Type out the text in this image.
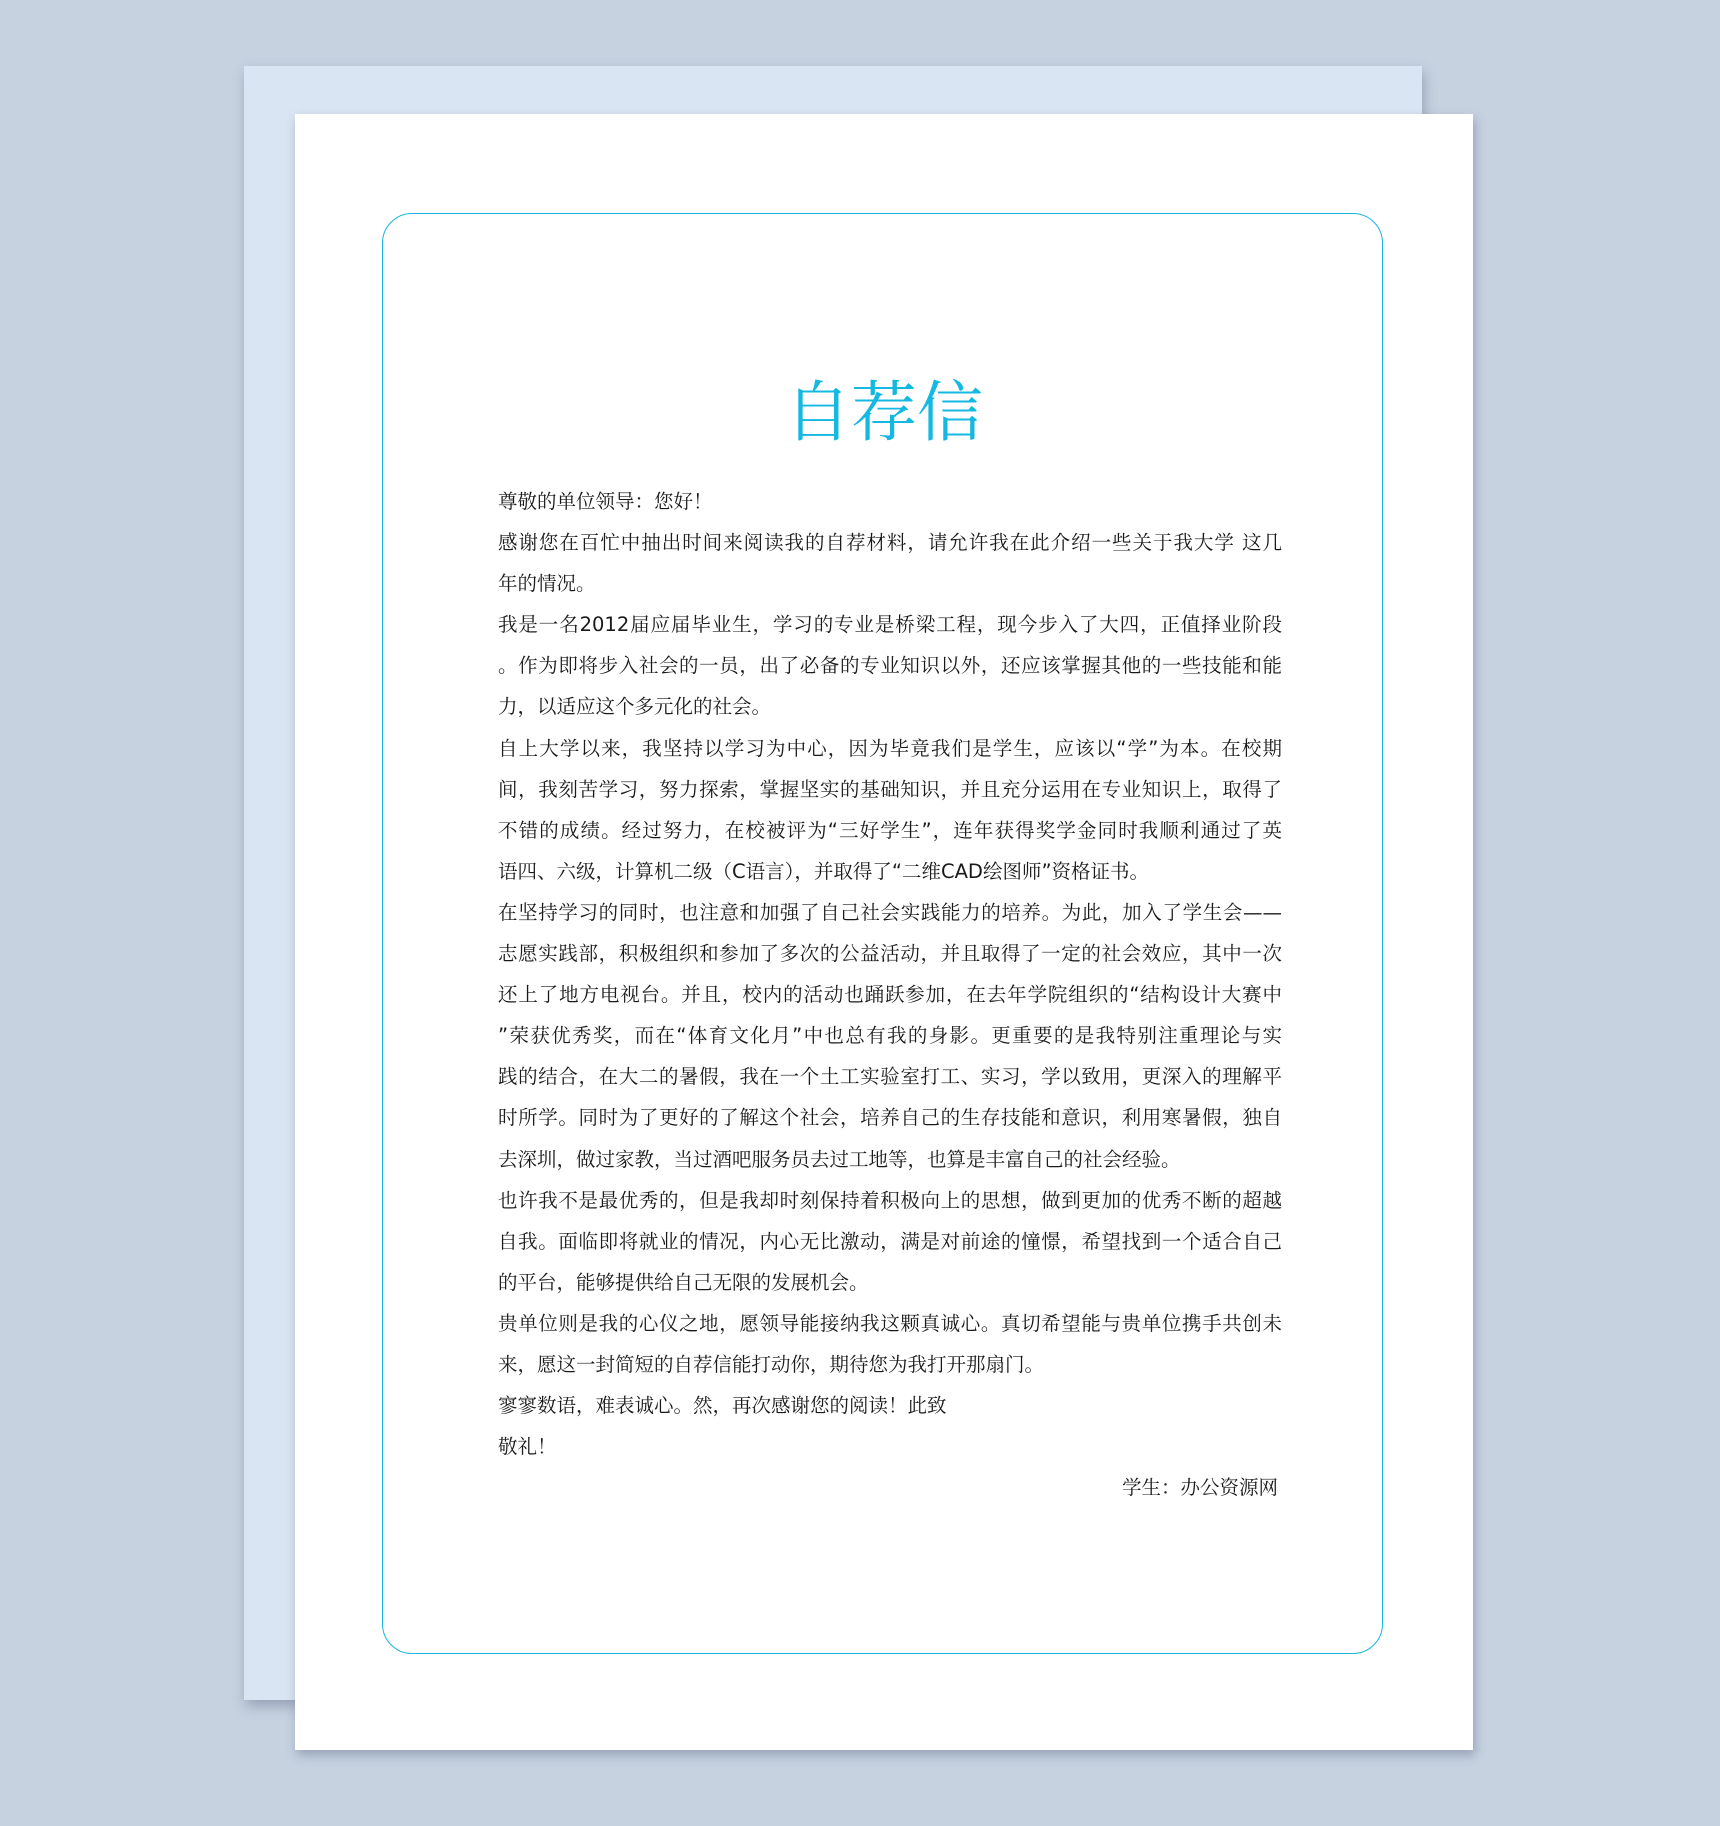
自荐信
尊敬的单位领导：您好！
感谢您在百忙中抽出时间来阅读我的自荐材料，请允许我在此介绍一些关于我大学 这几
年的情况。
我是一名2012届应届毕业生，学习的专业是桥梁工程，现今步入了大四，正值择业阶段
。作为即将步入社会的一员，出了必备的专业知识以外，还应该掌握其他的一些技能和能
力，以适应这个多元化的社会。
自上大学以来，我坚持以学习为中心，因为毕竟我们是学生，应该以“学”为本。在校期
间，我刻苦学习，努力探索，掌握坚实的基础知识，并且充分运用在专业知识上，取得了
不错的成绩。经过努力，在校被评为“三好学生”，连年获得奖学金同时我顺利通过了英
语四、六级，计算机二级（C语言），并取得了“二维CAD绘图师”资格证书。
在坚持学习的同时，也注意和加强了自己社会实践能力的培养。为此，加入了学生会——
志愿实践部，积极组织和参加了多次的公益活动，并且取得了一定的社会效应，其中一次
还上了地方电视台。并且，校内的活动也踊跃参加，在去年学院组织的“结构设计大赛中
”荣获优秀奖，而在“体育文化月”中也总有我的身影。更重要的是我特别注重理论与实
践的结合，在大二的暑假，我在一个土工实验室打工、实习，学以致用，更深入的理解平
时所学。同时为了更好的了解这个社会，培养自己的生存技能和意识，利用寒暑假，独自
去深圳，做过家教，当过酒吧服务员去过工地等，也算是丰富自己的社会经验。
也许我不是最优秀的，但是我却时刻保持着积极向上的思想，做到更加的优秀不断的超越
自我。面临即将就业的情况，内心无比激动，满是对前途的憧憬，希望找到一个适合自己
的平台，能够提供给自己无限的发展机会。
贵单位则是我的心仪之地，愿领导能接纳我这颗真诚心。真切希望能与贵单位携手共创未
来，愿这一封简短的自荐信能打动你，期待您为我打开那扇门。
寥寥数语，难表诚心。然，再次感谢您的阅读！此致
敬礼！
学生：办公资源网
